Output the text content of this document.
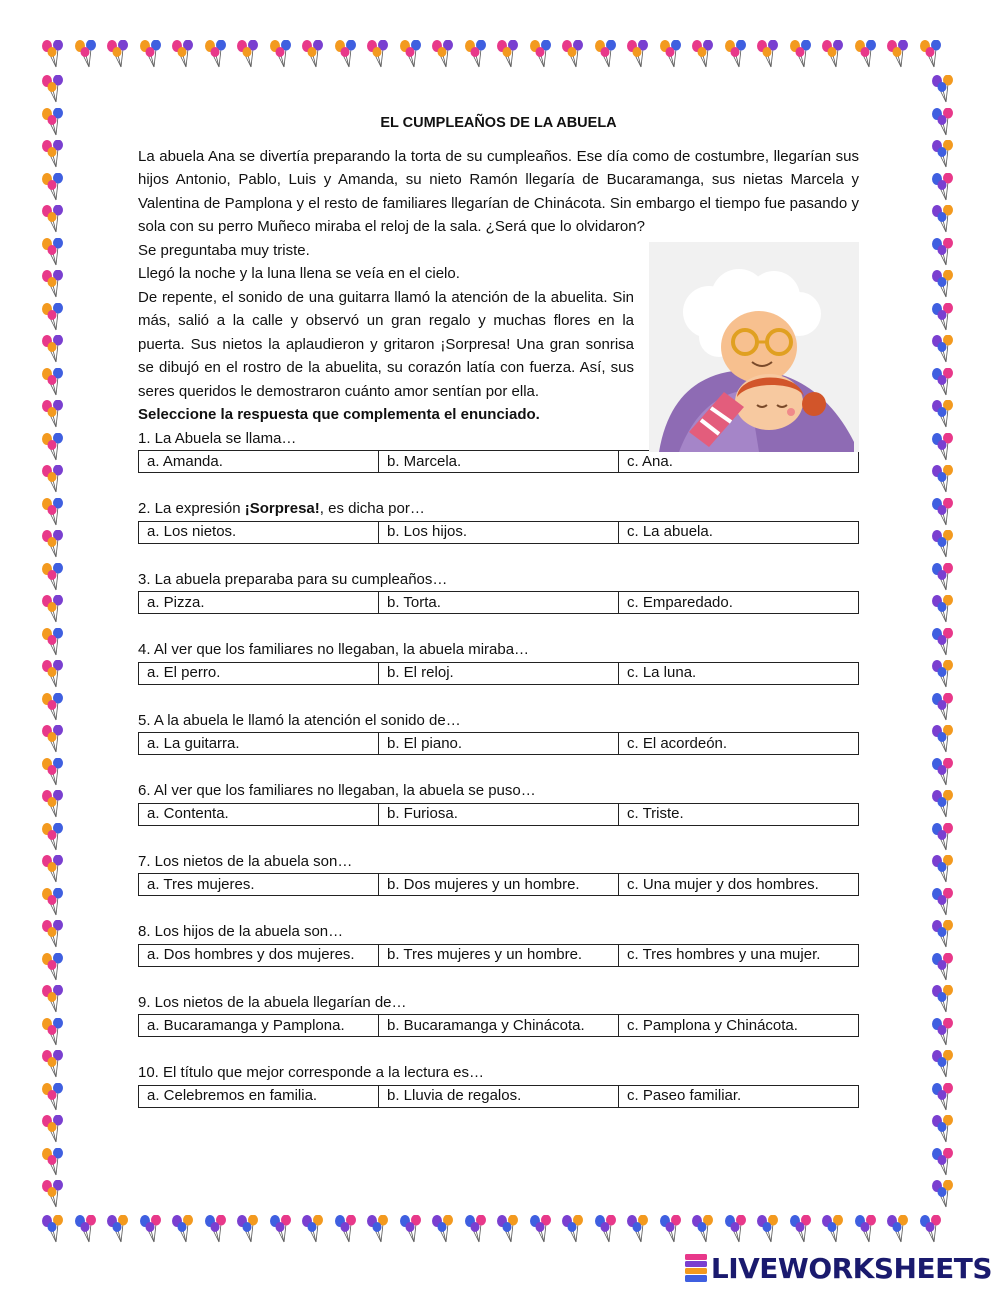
EL CUMPLEAÑOS DE LA ABUELA

La abuela Ana se divertía preparando la torta de su cumpleaños. Ese día como de costumbre, llegarían sus hijos Antonio, Pablo, Luis y Amanda, su nieto Ramón llegaría de Bucaramanga, sus nietas Marcela y Valentina de Pamplona y el resto de familiares llegarían de Chinácota. Sin embargo el tiempo fue pasando y sola con su perro Muñeco miraba el reloj de la sala. ¿Será que lo olvidaron?

Se preguntaba muy triste.

Llegó la noche y la luna llena se veía en el cielo.

De repente, el sonido de una guitarra llamó la atención de la abuelita. Sin más, salió a la calle y observó un gran regalo y muchas flores en la puerta. Sus nietos la aplaudieron y gritaron ¡Sorpresa! Una gran sonrisa se dibujó en el rostro de la abuelita, su corazón latía con fuerza. Así, sus seres queridos le demostraron cuánto amor sentían por ella.

Seleccione la respuesta que complementa el enunciado.

1. La Abuela se llama…

a. Amanda.	b. Marcela.	c. Ana.

2. La expresión ¡Sorpresa!, es dicha por…

a. Los nietos.	b. Los hijos.	c. La abuela.

3. La abuela preparaba para su cumpleaños…

a. Pizza.	b. Torta.	c. Emparedado.

4. Al ver que los familiares no llegaban, la abuela miraba…

a. El perro.	b. El reloj.	c. La luna.

5. A la abuela le llamó la atención el sonido de…

a. La guitarra.	b. El piano.	c. El acordeón.

6. Al ver que los familiares no llegaban, la abuela se puso…

a. Contenta.	b. Furiosa.	c. Triste.

7. Los nietos de la abuela son…

a. Tres mujeres.	b. Dos mujeres y un hombre.	c. Una mujer y dos hombres.

8. Los hijos de la abuela son…

a. Dos hombres y dos mujeres.	b. Tres mujeres y un hombre.	c. Tres hombres y una mujer.

9. Los nietos de la abuela llegarían de…

a. Bucaramanga y Pamplona.	b. Bucaramanga y Chinácota.	c. Pamplona y Chinácota.

10. El título que mejor corresponde a la lectura es…

a. Celebremos en familia.	b. Lluvia de regalos.	c. Paseo familiar.
LIVEWORKSHEETS
